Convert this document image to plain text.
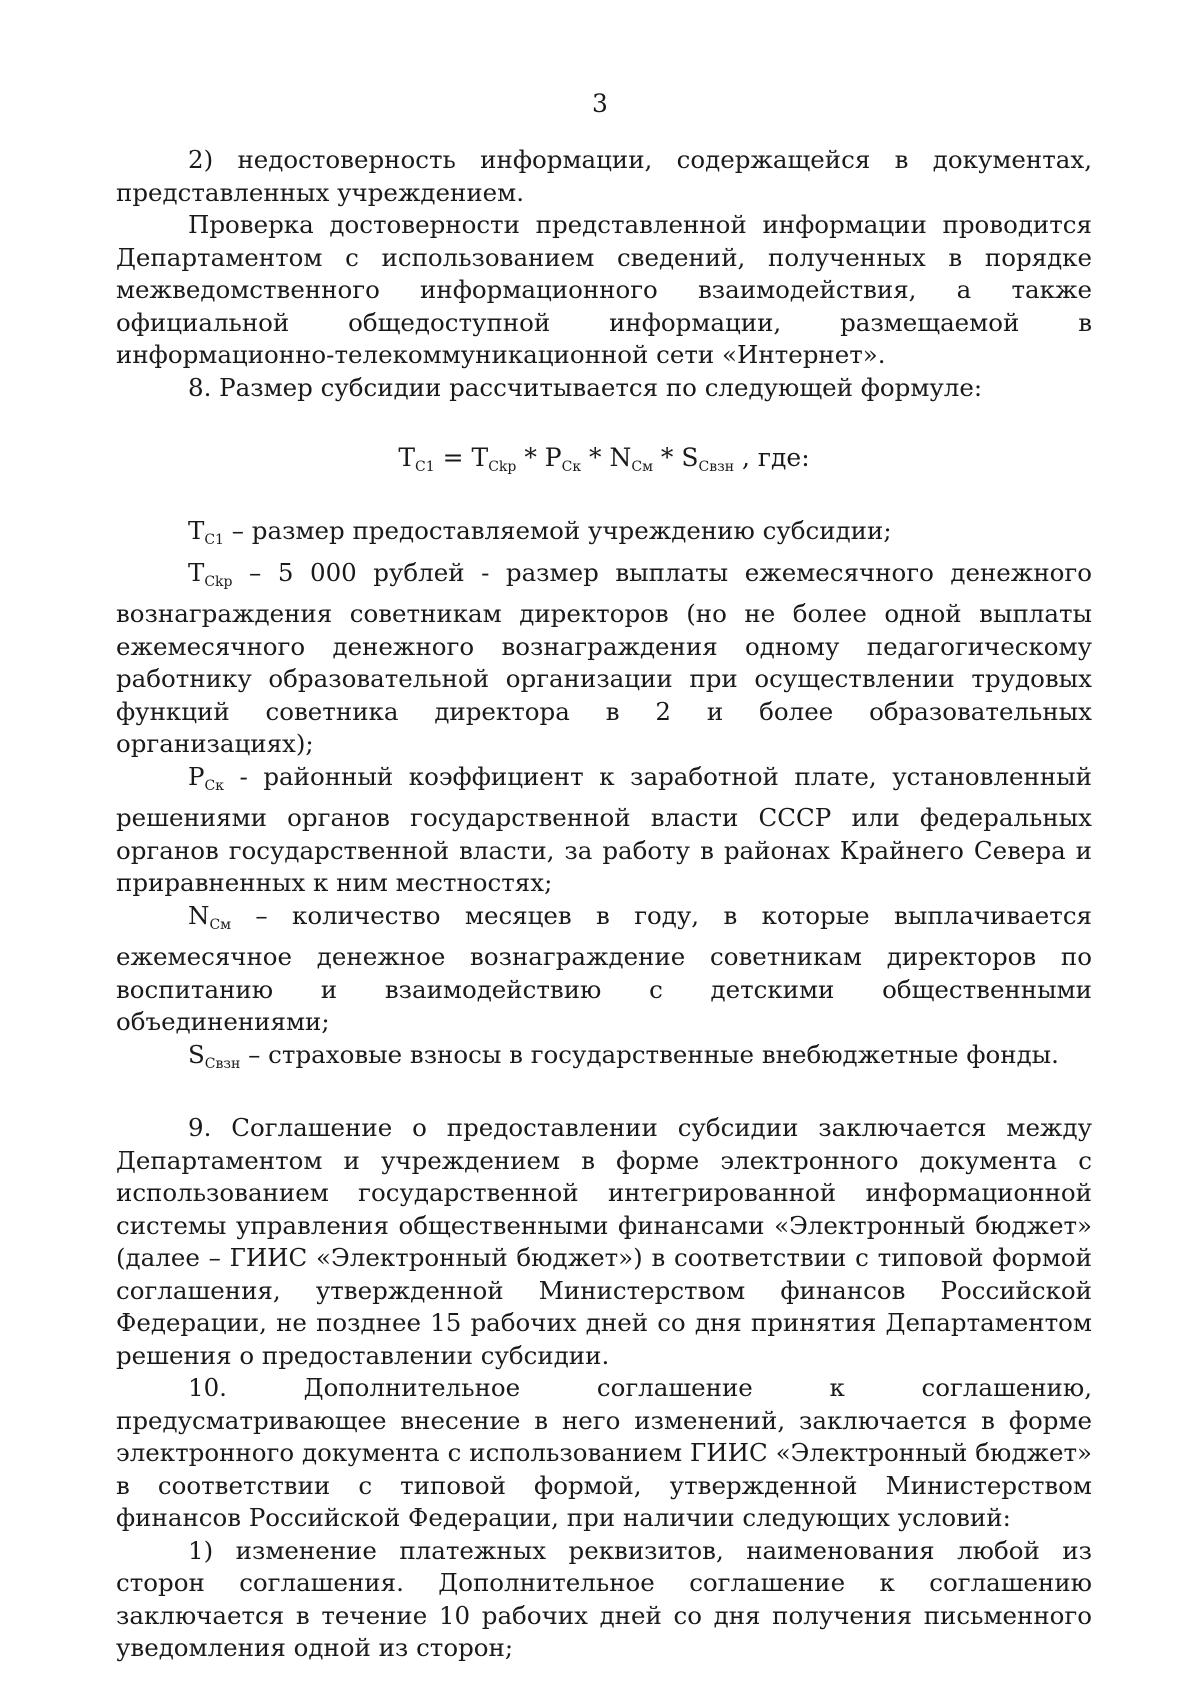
3

2) недостоверность информации, содержащейся в документах, представленных учреждением.

Проверка достоверности представленной информации проводится Департаментом с использованием сведений, полученных в порядке межведомственного информационного взаимодействия, а также официальной общедоступной информации, размещаемой в информационно-телекоммуникационной сети «Интернет».

8. Размер субсидии рассчитывается по следующей формуле:

$T_{C1} = T_{Ckp} * P_{Ск} * N_{См} * S_{Свзн}$ , где:

$T_{C1}$ – размер предоставляемой учреждению субсидии;

$T_{Ckp} - 5$ 000 рублей - размер выплаты ежемесячного денежного вознаграждения советникам директоров (но не более одной выплаты ежемесячного денежного вознаграждения одному педагогическому работнику образовательной организации при осуществлении трудовых функций советника директора в 2 и более образовательных организациях);

$P_{Ск}$ - районный коэффициент к заработной плате, установленный решениями органов государственной власти СССР или федеральных органов государственной власти, за работу в районах Крайнего Севера и приравненных к ним местностях;

$N_{См}$ – количество месяцев в году, в которые выплачивается ежемесячное денежное вознаграждение советникам директоров по воспитанию и взаимодействию с детскими общественными объединениями;

$S_{Свзн}$ – страховые взносы в государственные внебюджетные фонды.

9. Соглашение о предоставлении субсидии заключается между Департаментом и учреждением в форме электронного документа с использованием государственной интегрированной информационной системы управления общественными финансами «Электронный бюджет» (далее – ГИИС «Электронный бюджет») в соответствии с типовой формой соглашения, утвержденной Министерством финансов Российской Федерации, не позднее 15 рабочих дней со дня принятия Департаментом решения о предоставлении субсидии.

10. Дополнительное соглашение к соглашению, предусматривающее внесение в него изменений, заключается в форме электронного документа с использованием ГИИС «Электронный бюджет» в соответствии с типовой формой, утвержденной Министерством финансов Российской Федерации, при наличии следующих условий:

1) изменение платежных реквизитов, наименования любой из сторон соглашения. Дополнительное соглашение к соглашению заключается в течение 10 рабочих дней со дня получения письменного уведомления одной из сторон;
